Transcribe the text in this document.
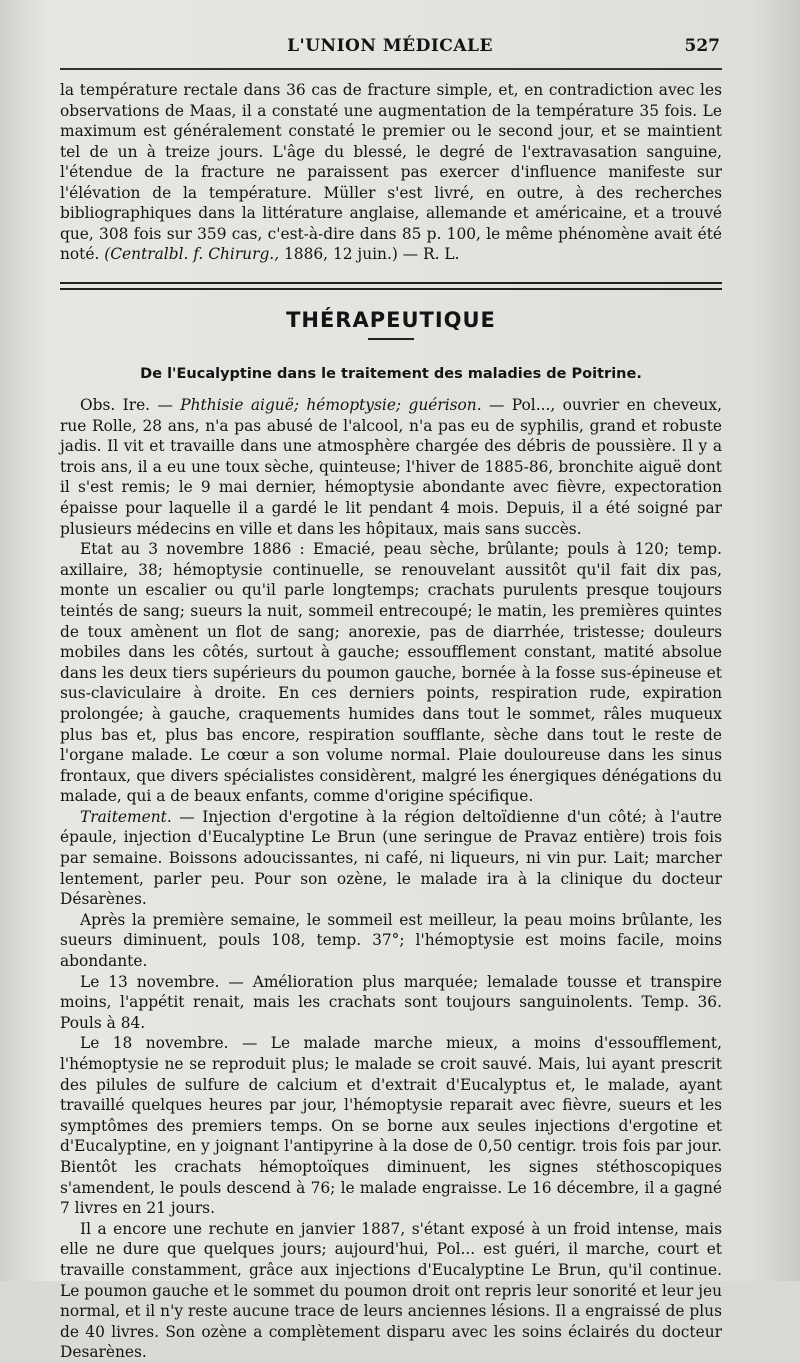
L'UNION MÉDICALE	527

la température rectale dans 36 cas de fracture simple, et, en contradiction avec les observations de Maas, il a constaté une augmentation de la température 35 fois. Le maximum est généralement constaté le premier ou le second jour, et se maintient tel de un à treize jours. L'âge du blessé, le degré de l'extravasation sanguine, l'étendue de la fracture ne paraissent pas exercer d'influence manifeste sur l'élévation de la température. Müller s'est livré, en outre, à des recherches bibliographiques dans la littérature anglaise, allemande et américaine, et a trouvé que, 308 fois sur 359 cas, c'est-à-dire dans 85 p. 100, le même phénomène avait été noté. (Centralbl. f. Chirurg., 1886, 12 juin.) — R. L.

THÉRAPEUTIQUE
De l'Eucalyptine dans le traitement des maladies de Poitrine.

Obs. Ire. — Phthisie aiguë; hémoptysie; guérison. — Pol..., ouvrier en cheveux, rue Rolle, 28 ans, n'a pas abusé de l'alcool, n'a pas eu de syphilis, grand et robuste jadis. Il vit et travaille dans une atmosphère chargée des débris de poussière. Il y a trois ans, il a eu une toux sèche, quinteuse; l'hiver de 1885-86, bronchite aiguë dont il s'est remis; le 9 mai dernier, hémoptysie abondante avec fièvre, expectoration épaisse pour laquelle il a gardé le lit pendant 4 mois. Depuis, il a été soigné par plusieurs médecins en ville et dans les hôpitaux, mais sans succès.

Etat au 3 novembre 1886 : Emacié, peau sèche, brûlante; pouls à 120; temp. axillaire, 38; hémoptysie continuelle, se renouvelant aussitôt qu'il fait dix pas, monte un escalier ou qu'il parle longtemps; crachats purulents presque toujours teintés de sang; sueurs la nuit, sommeil entrecoupé; le matin, les premières quintes de toux amènent un flot de sang; anorexie, pas de diarrhée, tristesse; douleurs mobiles dans les côtés, surtout à gauche; essoufflement constant, matité absolue dans les deux tiers supérieurs du poumon gauche, bornée à la fosse sus-épineuse et sus-claviculaire à droite. En ces derniers points, respiration rude, expiration prolongée; à gauche, craquements humides dans tout le sommet, râles muqueux plus bas et, plus bas encore, respiration soufflante, sèche dans tout le reste de l'organe malade. Le cœur a son volume normal. Plaie douloureuse dans les sinus frontaux, que divers spécialistes considèrent, malgré les énergiques dénégations du malade, qui a de beaux enfants, comme d'origine spécifique.

Traitement. — Injection d'ergotine à la région deltoïdienne d'un côté; à l'autre épaule, injection d'Eucalyptine Le Brun (une seringue de Pravaz entière) trois fois par semaine. Boissons adoucissantes, ni café, ni liqueurs, ni vin pur. Lait; marcher lentement, parler peu. Pour son ozène, le malade ira à la clinique du docteur Désarènes.

Après la première semaine, le sommeil est meilleur, la peau moins brûlante, les sueurs diminuent, pouls 108, temp. 37°; l'hémoptysie est moins facile, moins abondante.

Le 13 novembre. — Amélioration plus marquée; lemalade tousse et transpire moins, l'appétit renait, mais les crachats sont toujours sanguinolents. Temp. 36. Pouls à 84.

Le 18 novembre. — Le malade marche mieux, a moins d'essoufflement, l'hémoptysie ne se reproduit plus; le malade se croit sauvé. Mais, lui ayant prescrit des pilules de sulfure de calcium et d'extrait d'Eucalyptus et, le malade, ayant travaillé quelques heures par jour, l'hémoptysie reparait avec fièvre, sueurs et les symptômes des premiers temps. On se borne aux seules injections d'ergotine et d'Eucalyptine, en y joignant l'antipyrine à la dose de 0,50 centigr. trois fois par jour. Bientôt les crachats hémoptoïques diminuent, les signes stéthoscopiques s'amendent, le pouls descend à 76; le malade engraisse. Le 16 décembre, il a gagné 7 livres en 21 jours.

Il a encore une rechute en janvier 1887, s'étant exposé à un froid intense, mais elle ne dure que quelques jours; aujourd'hui, Pol... est guéri, il marche, court et travaille constamment, grâce aux injections d'Eucalyptine Le Brun, qu'il continue. Le poumon gauche et le sommet du poumon droit ont repris leur sonorité et leur jeu normal, et il n'y reste aucune trace de leurs anciennes lésions. Il a engraissé de plus de 40 livres. Son ozène a complètement disparu avec les soins éclairés du docteur Desarènes.
